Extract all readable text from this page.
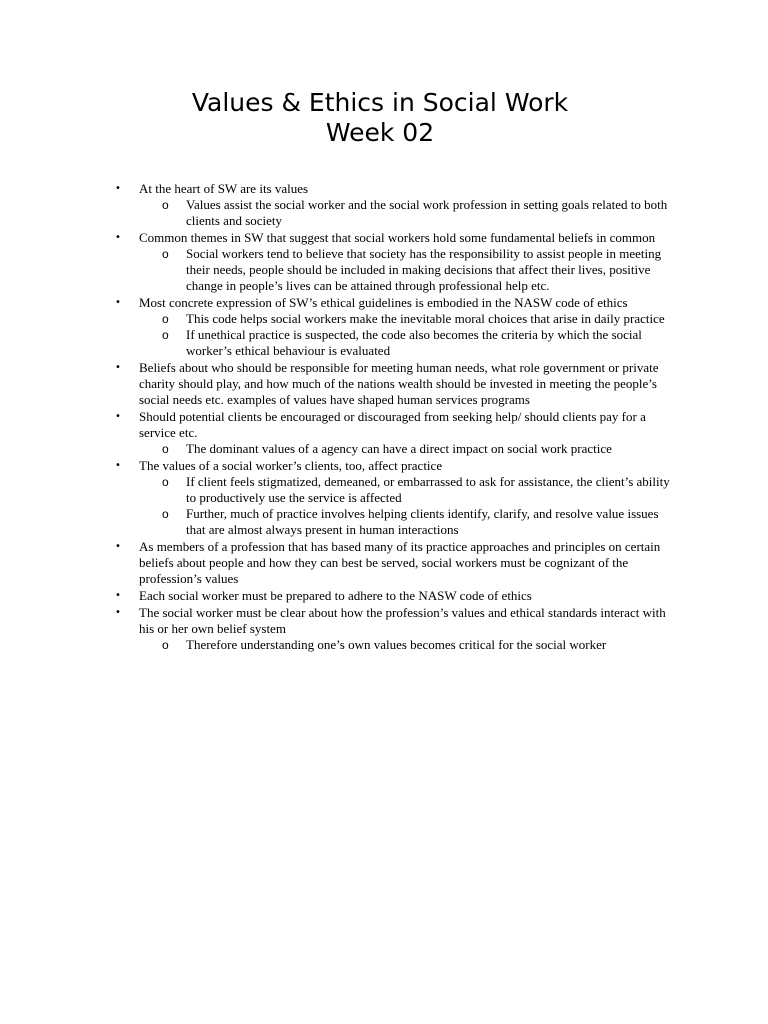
Values & Ethics in Social Work
Week 02
• At the heart of SW are its values
o Values assist the social worker and the social work profession in setting goals related to both clients and society
• Common themes in SW that suggest that social workers hold some fundamental beliefs in common
o Social workers tend to believe that society has the responsibility to assist people in meeting their needs, people should be included in making decisions that affect their lives, positive change in people’s lives can be attained through professional help etc.
• Most concrete expression of SW’s ethical guidelines is embodied in the NASW code of ethics
o This code helps social workers make the inevitable moral choices that arise in daily practice
o If unethical practice is suspected, the code also becomes the criteria by which the social worker’s ethical behaviour is evaluated
• Beliefs about who should be responsible for meeting human needs, what role government or private charity should play, and how much of the nations wealth should be invested in meeting the people’s social needs etc. examples of values have shaped human services programs
• Should potential clients be encouraged or discouraged from seeking help/ should clients pay for a service etc.
o The dominant values of a agency can have a direct impact on social work practice
• The values of a social worker’s clients, too, affect practice
o If client feels stigmatized, demeaned, or embarrassed to ask for assistance, the client’s ability to productively use the service is affected
o Further, much of practice involves helping clients identify, clarify, and resolve value issues that are almost always present in human interactions
• As members of a profession that has based many of its practice approaches and principles on certain beliefs about people and how they can best be served, social workers must be cognizant of the profession’s values
• Each social worker must be prepared to adhere to the NASW code of ethics
• The social worker must be clear about how the profession’s values and ethical standards interact with his or her own belief system
o Therefore understanding one’s own values becomes critical for the social worker
